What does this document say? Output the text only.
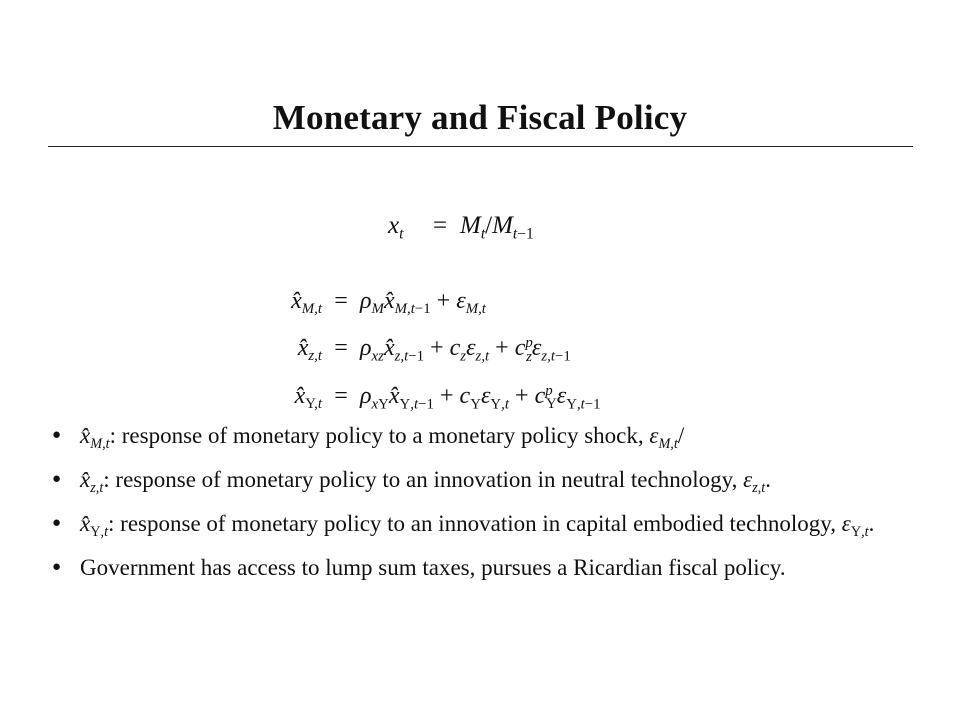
Monetary and Fiscal Policy
$x_t = M_t/M_{t-1}$
$x̂_{M,t}$ = $\rho_Mx̂_{M,t-1} + \varepsilon_{M,t}$
$x̂_{z,t}$ = $\rho_{xz}x̂_{z,t-1} + c_z\varepsilon_{z,t} + c^p_z\varepsilon_{z,t-1}$
$x̂_{\Upsilon,t}$ = $\rho_{x\Upsilon}x̂_{\Upsilon,t-1} + c_\Upsilon\varepsilon_{\Upsilon,t} + c^p_\Upsilon\varepsilon_{\Upsilon,t-1}$
● $x̂_{M,t}$: response of monetary policy to a monetary policy shock, $\varepsilon_{M,t}/$
● $x̂_{z,t}$: response of monetary policy to an innovation in neutral technology, $\varepsilon_{z,t}$.
● $x̂_{\Upsilon,t}$: response of monetary policy to an innovation in capital embodied technology, $\varepsilon_{\Upsilon,t}$.
● Government has access to lump sum taxes, pursues a Ricardian fiscal policy.
